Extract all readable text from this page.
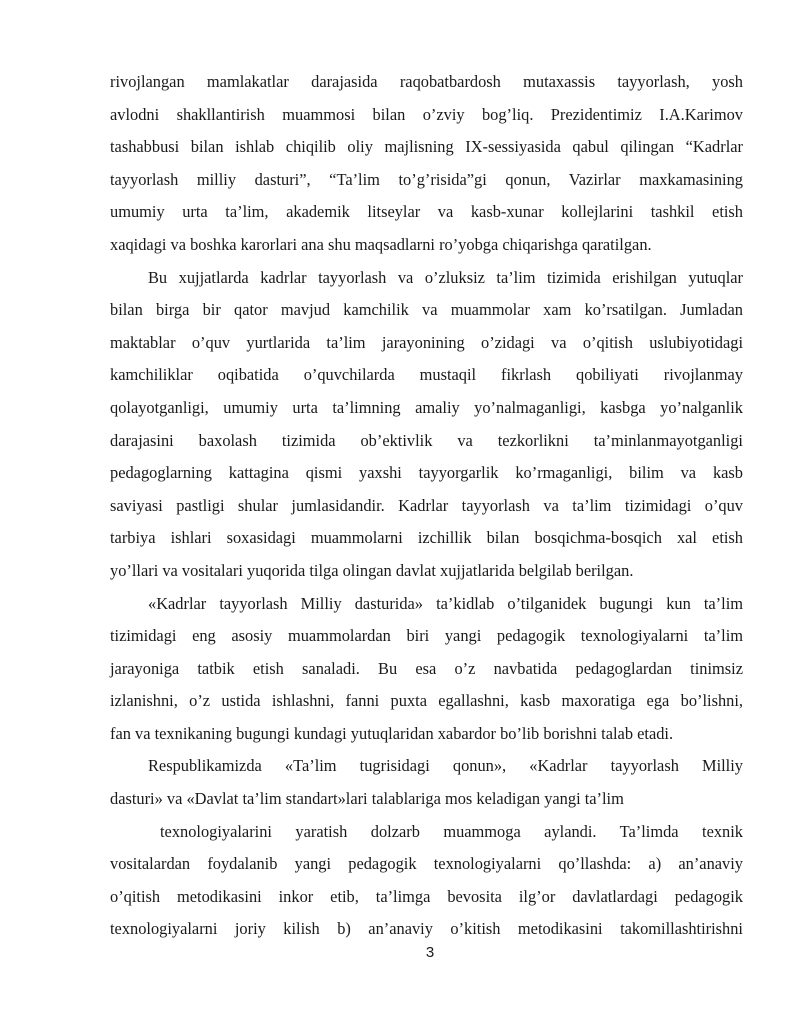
rivojlangan mamlakatlar darajasida raqobatbardosh mutaxassis tayyorlash, yosh
avlodni shakllantirish muammosi bilan o’zviy bog’liq. Prezidentimiz I.A.Karimov
tashabbusi bilan ishlab chiqilib oliy majlisning IX-sessiyasida qabul qilingan “Kadrlar
tayyorlash milliy dasturi”, “Ta’lim to’g’risida”gi qonun, Vazirlar maxkamasining
umumiy urta ta’lim, akademik litseylar va kasb-xunar kollejlarini tashkil etish
xaqidagi va boshka karorlari ana shu maqsadlarni ro’yobga chiqarishga qaratilgan.
Bu xujjatlarda kadrlar tayyorlash va o’zluksiz ta’lim tizimida erishilgan yutuqlar
bilan birga bir qator mavjud kamchilik va muammolar xam ko’rsatilgan. Jumladan
maktablar o’quv yurtlarida ta’lim jarayonining o’zidagi va o’qitish uslubiyotidagi
kamchiliklar oqibatida o’quvchilarda mustaqil fikrlash qobiliyati rivojlanmay
qolayotganligi, umumiy urta ta’limning amaliy yo’nalmaganligi, kasbga yo’nalganlik
darajasini baxolash tizimida ob’ektivlik va tezkorlikni ta’minlanmayotganligi
pedagoglarning kattagina qismi yaxshi tayyorgarlik ko’rmaganligi, bilim va kasb
saviyasi pastligi shular jumlasidandir. Kadrlar tayyorlash va ta’lim tizimidagi o’quv
tarbiya ishlari soxasidagi muammolarni izchillik bilan bosqichma-bosqich xal etish
yo’llari va vositalari yuqorida tilga olingan davlat xujjatlarida belgilab berilgan.
«Kadrlar tayyorlash Milliy dasturida» ta’kidlab o’tilganidek bugungi kun ta’lim
tizimidagi eng asosiy muammolardan biri yangi pedagogik texnologiyalarni ta’lim
jarayoniga tatbik etish sanaladi. Bu esa o’z navbatida pedagoglardan tinimsiz
izlanishni, o’z ustida ishlashni, fanni puxta egallashni, kasb maxoratiga ega bo’lishni,
fan va texnikaning bugungi kundagi yutuqlaridan xabardor bo’lib borishni talab etadi.
Respublikamizda «Ta’lim tugrisidagi qonun», «Kadrlar tayyorlash Milliy
dasturi» va «Davlat ta’lim standart»lari talablariga mos keladigan yangi ta’lim
texnologiyalarini yaratish dolzarb muammoga aylandi. Ta’limda texnik
vositalardan foydalanib yangi pedagogik texnologiyalarni qo’llashda: a) an’anaviy
o’qitish metodikasini inkor etib, ta’limga bevosita ilg’or davlatlardagi pedagogik
texnologiyalarni joriy kilish b) an’anaviy o’kitish metodikasini takomillashtirishni
3
